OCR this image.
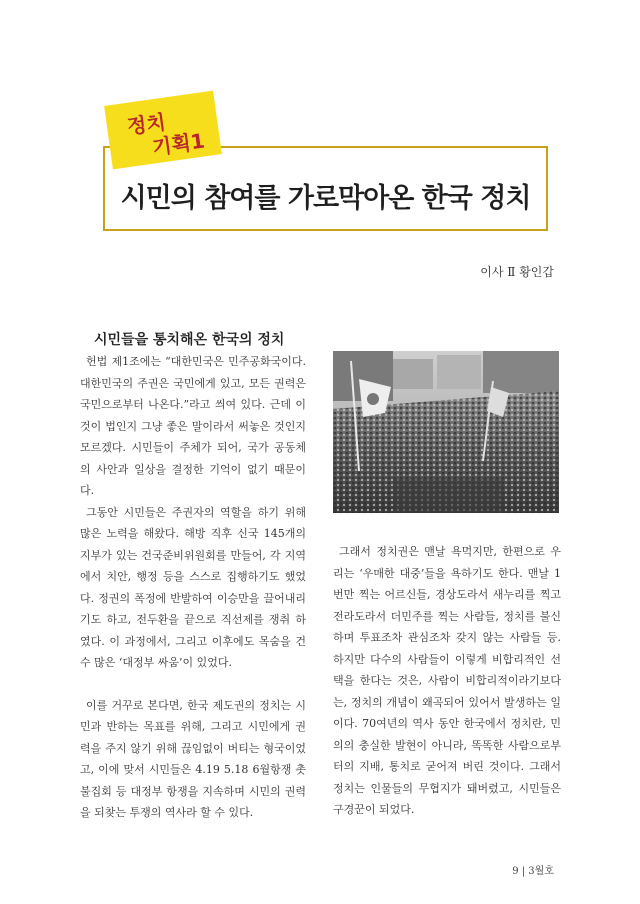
정치
기획1
시민의 참여를 가로막아온 한국 정치
이사 Ⅱ 황인갑
시민들을 통치해온 한국의 정치

헌법 제1조에는 “대한민국은 민주공화국이다. 대한민국의 주권은 국민에게 있고, 모든 권력은 국민으로부터 나온다.”라고 씌여 있다. 근데 이것이 법인지 그냥 좋은 말이라서 써놓은 것인지 모르겠다. 시민들이 주체가 되어, 국가 공동체의 사안과 일상을 결정한 기억이 없기 때문이다.

그동안 시민들은 주권자의 역할을 하기 위해 많은 노력을 해왔다. 해방 직후 신국 145개의 지부가 있는 건국준비위원회를 만들어, 각 지역에서 치안, 행정 등을 스스로 집행하기도 했었다. 정권의 폭정에 반발하여 이승만을 끌어내리기도 하고, 전두환을 끝으로 직선제를 쟁취 하였다. 이 과정에서, 그리고 이후에도 목숨을 건 수 많은 ‘대정부 싸움’이 있었다.

이를 거꾸로 본다면, 한국 제도권의 정치는 시민과 반하는 목표를 위해, 그리고 시민에게 권력을 주지 않기 위해 끊임없이 버티는 형국이었고, 이에 맞서 시민들은 4.19 5.18 6월항쟁 촛불집회 등 대정부 항쟁을 지속하며 시민의 권력을 되찾는 투쟁의 역사라 할 수 있다.

그래서 정치권은 맨날 욕먹지만, 한편으로 우리는 ‘우매한 대중’들을 욕하기도 한다. 맨날 1번만 찍는 어르신들, 경상도라서 새누리를 찍고 전라도라서 더민주를 찍는 사람들, 정치를 불신하며 투표조차 관심조차 갖지 않는 사람들 등. 하지만 다수의 사람들이 이렇게 비합리적인 선택을 한다는 것은, 사람이 비합리적이라기보다는, 정치의 개념이 왜곡되어 있어서 발생하는 일이다. 70여년의 역사 동안 한국에서 정치란, 민의의 충실한 발현이 아니라, 똑똑한 사람으로부터의 지배, 통치로 굳어져 버린 것이다. 그래서 정치는 인물들의 무협지가 돼버렸고, 시민들은 구경꾼이 되었다.

9 | 3월호
